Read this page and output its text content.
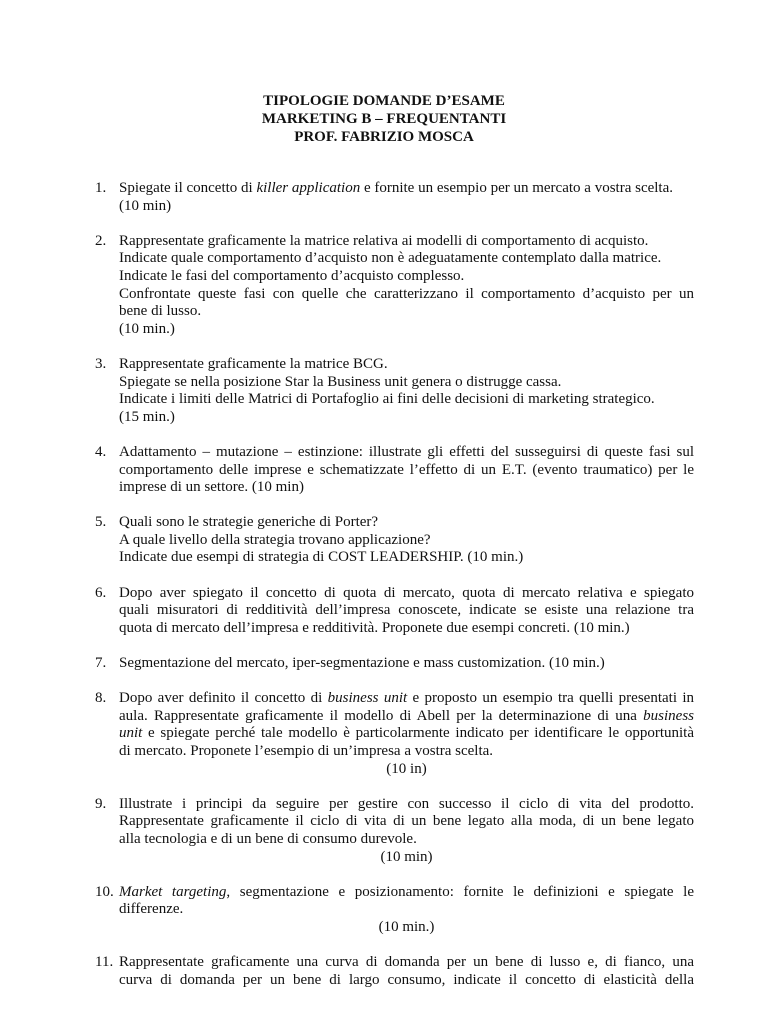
TIPOLOGIE DOMANDE D’ESAME
MARKETING B – FREQUENTANTI
PROF. FABRIZIO MOSCA
1. Spiegate il concetto di killer application e fornite un esempio per un mercato a vostra scelta.
(10 min)
2. Rappresentate graficamente la matrice relativa ai modelli di comportamento di acquisto.
Indicate quale comportamento d’acquisto non è adeguatamente contemplato dalla matrice.
Indicate le fasi del comportamento d’acquisto complesso.
Confrontate queste fasi con quelle che caratterizzano il comportamento d’acquisto per un
bene di lusso.
(10 min.)
3. Rappresentate graficamente la matrice BCG.
Spiegate se nella posizione Star la Business unit genera o distrugge cassa.
Indicate i limiti delle Matrici di Portafoglio ai fini delle decisioni di marketing strategico.
(15 min.)
4. Adattamento – mutazione – estinzione: illustrate gli effetti del susseguirsi di queste fasi sul
comportamento delle imprese e schematizzate l’effetto di un E.T. (evento traumatico) per le
imprese di un settore. (10 min)
5. Quali sono le strategie generiche di Porter?
A quale livello della strategia trovano applicazione?
Indicate due esempi di strategia di COST LEADERSHIP. (10 min.)
6. Dopo aver spiegato il concetto di quota di mercato, quota di mercato relativa e spiegato
quali misuratori di redditività dell’impresa conoscete, indicate se esiste una relazione tra
quota di mercato dell’impresa e redditività. Proponete due esempi concreti. (10 min.)
7. Segmentazione del mercato, iper-segmentazione e mass customization. (10 min.)
8. Dopo aver definito il concetto di business unit e proposto un esempio tra quelli presentati in
aula. Rappresentate graficamente il modello di Abell per la determinazione di una business
unit e spiegate perché tale modello è particolarmente indicato per identificare le opportunità
di mercato. Proponete l’esempio di un’impresa a vostra scelta.
(10 in)
9. Illustrate i principi da seguire per gestire con successo il ciclo di vita del prodotto.
Rappresentate graficamente il ciclo di vita di un bene legato alla moda, di un bene legato
alla tecnologia e di un bene di consumo durevole.
(10 min)
10. Market targeting, segmentazione e posizionamento: fornite le definizioni e spiegate le
differenze.
(10 min.)
11. Rappresentate graficamente una curva di domanda per un bene di lusso e, di fianco, una
curva di domanda per un bene di largo consumo, indicate il concetto di elasticità della
